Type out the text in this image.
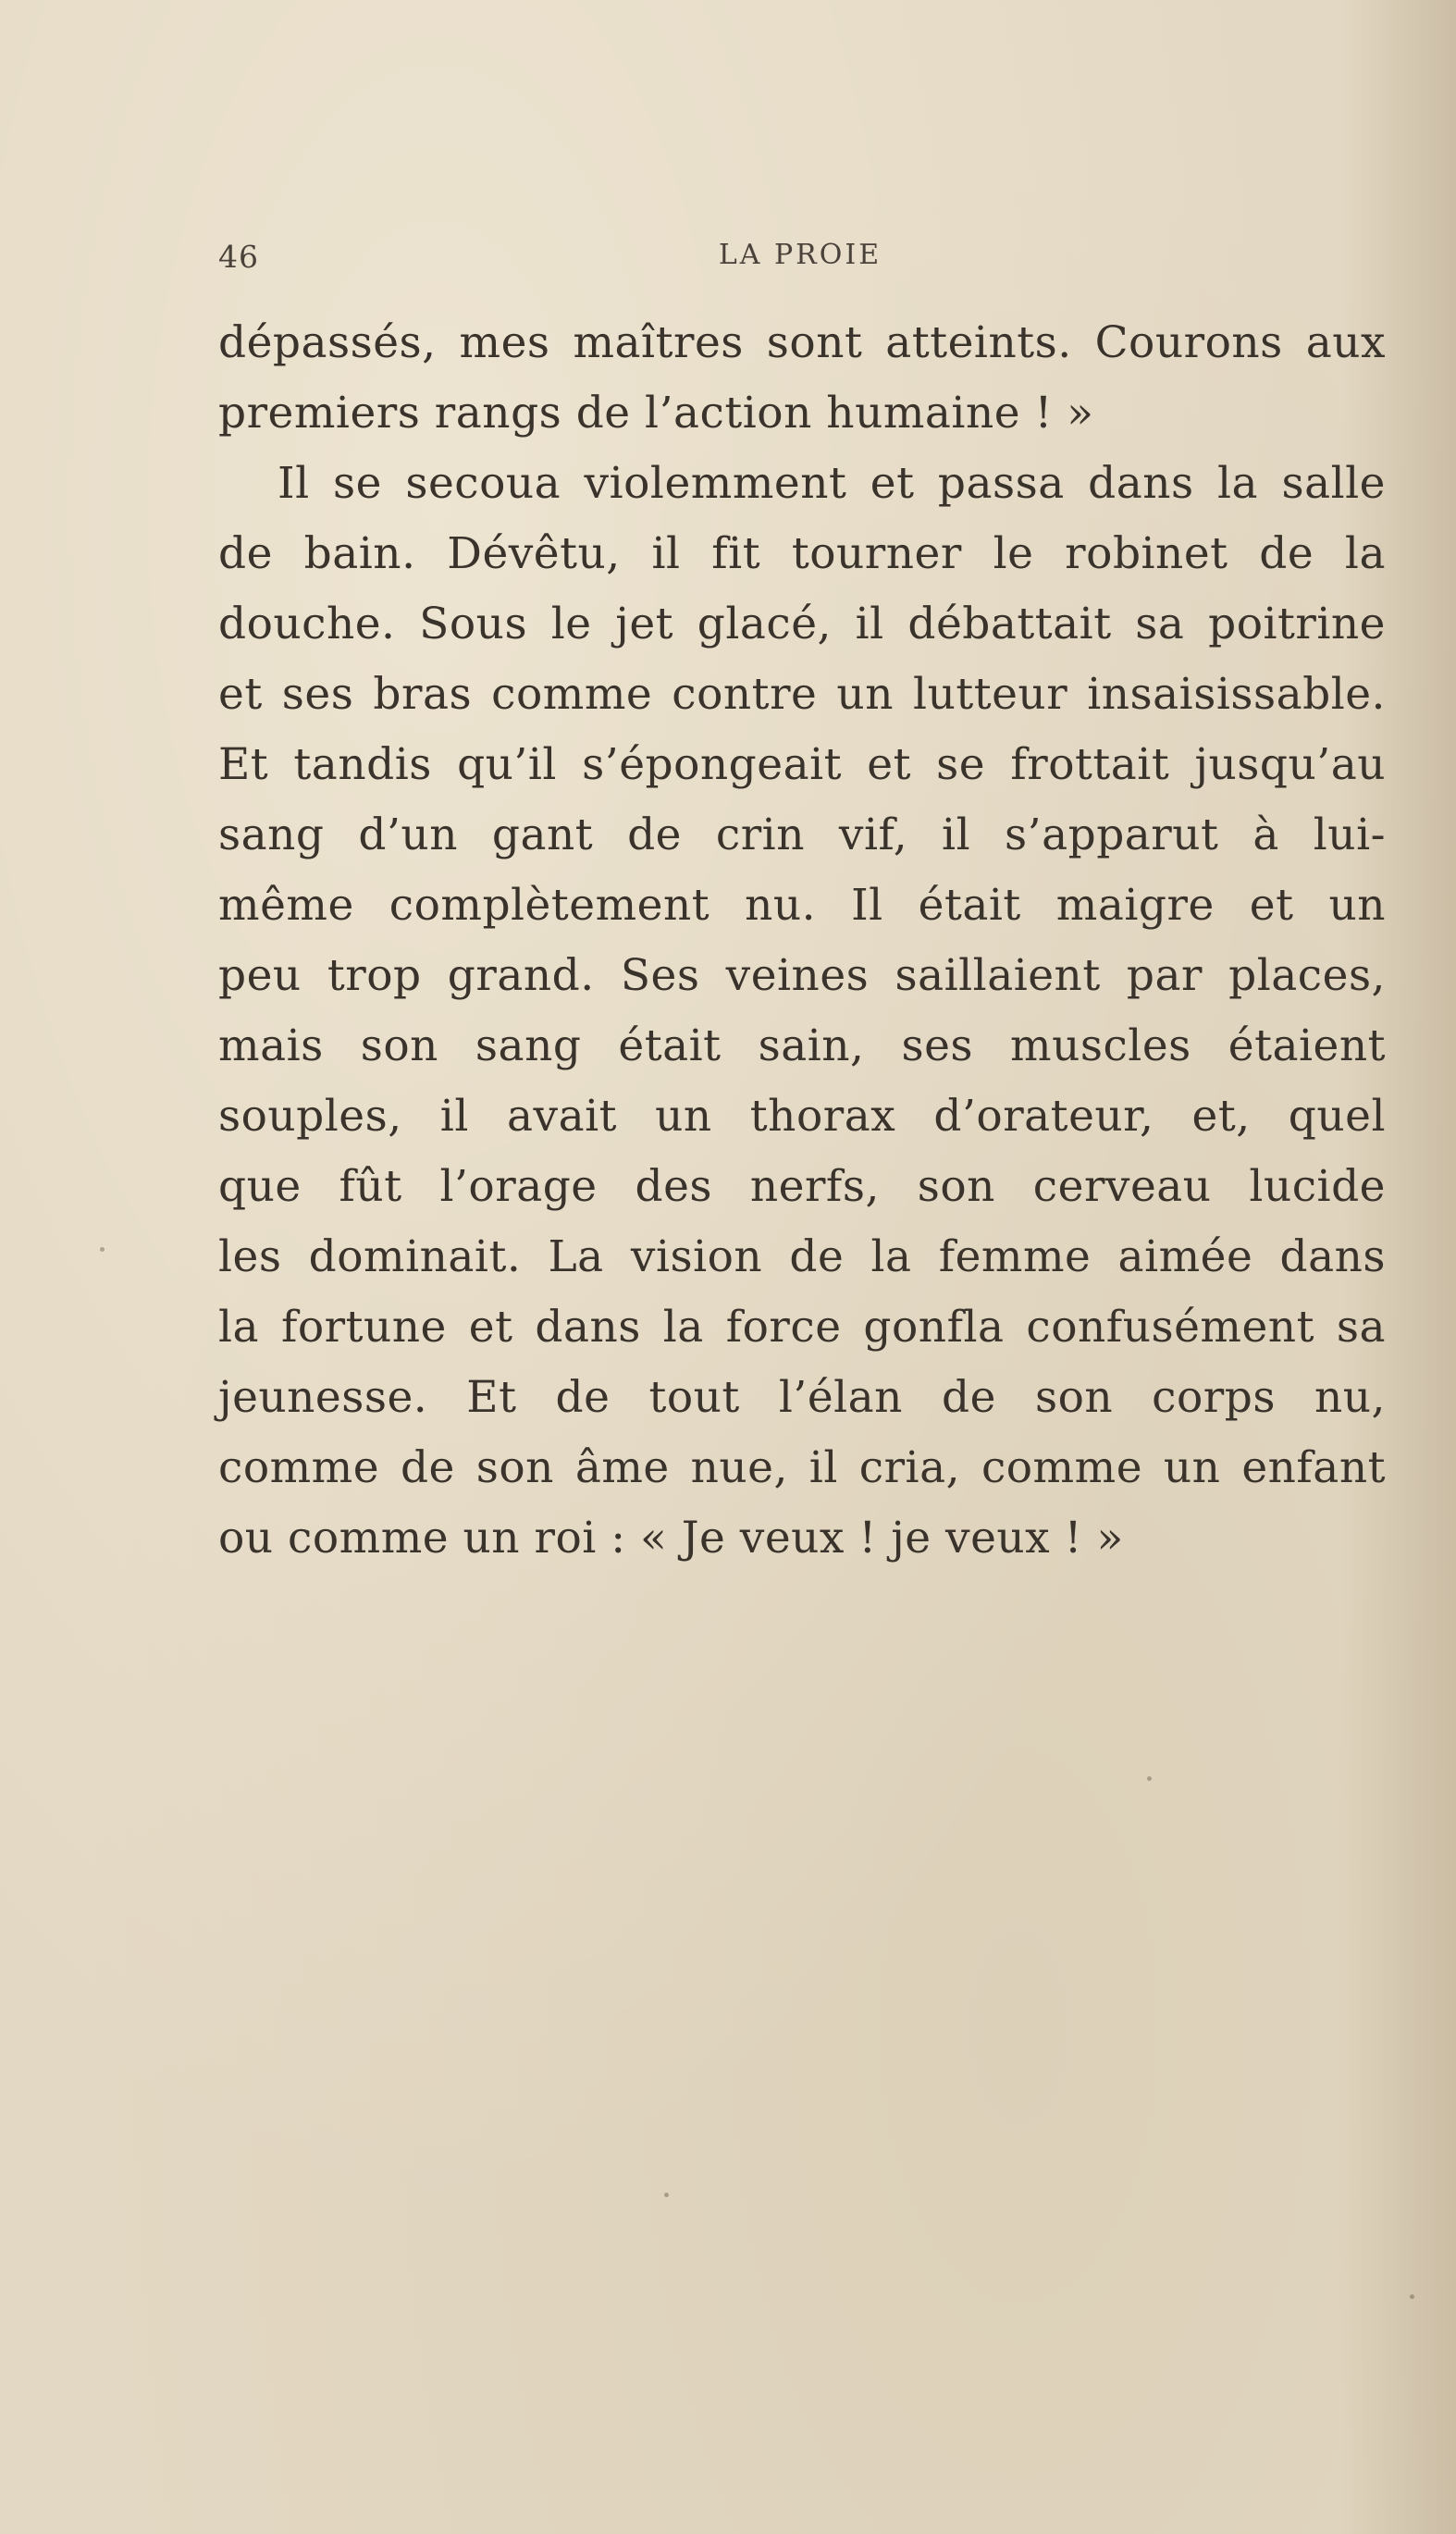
46	LA PROIE
dépassés, mes maîtres sont atteints. Courons aux
premiers rangs de l’action humaine ! »
Il se secoua violemment et passa dans la salle
de bain. Dévêtu, il fit tourner le robinet de la
douche. Sous le jet glacé, il débattait sa poitrine
et ses bras comme contre un lutteur insaisissable.
Et tandis qu’il s’épongeait et se frottait jusqu’au
sang d’un gant de crin vif, il s’apparut à lui-
même complètement nu. Il était maigre et un
peu trop grand. Ses veines saillaient par places,
mais son sang était sain, ses muscles étaient
souples, il avait un thorax d’orateur, et, quel
que fût l’orage des nerfs, son cerveau lucide
les dominait. La vision de la femme aimée dans
la fortune et dans la force gonfla confusément sa
jeunesse. Et de tout l’élan de son corps nu,
comme de son âme nue, il cria, comme un enfant
ou comme un roi : « Je veux ! je veux ! »
